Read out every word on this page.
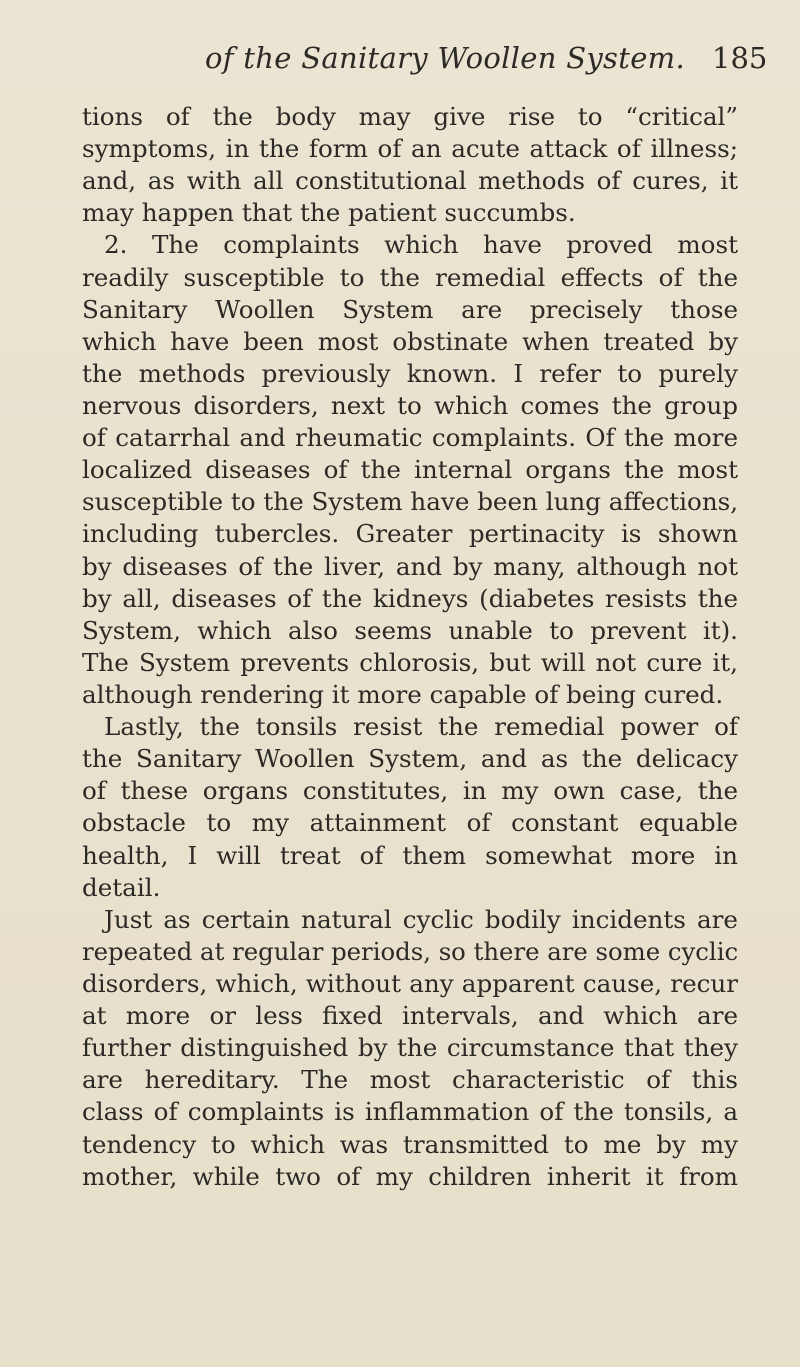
of the Sanitary Woollen System. 185
tions of the body may give rise to “critical”
symptoms, in the form of an acute attack of illness;
and, as with all constitutional methods of cures, it
may happen that the patient succumbs.
2. The complaints which have proved most
readily susceptible to the remedial effects of the
Sanitary Woollen System are precisely those
which have been most obstinate when treated by
the methods previously known. I refer to purely
nervous disorders, next to which comes the group
of catarrhal and rheumatic complaints. Of the more
localized diseases of the internal organs the most
susceptible to the System have been lung affections,
including tubercles. Greater pertinacity is shown
by diseases of the liver, and by many, although not
by all, diseases of the kidneys (diabetes resists the
System, which also seems unable to prevent it).
The System prevents chlorosis, but will not cure it,
although rendering it more capable of being cured.
Lastly, the tonsils resist the remedial power of
the Sanitary Woollen System, and as the delicacy
of these organs constitutes, in my own case, the
obstacle to my attainment of constant equable
health, I will treat of them somewhat more in
detail.
Just as certain natural cyclic bodily incidents are
repeated at regular periods, so there are some cyclic
disorders, which, without any apparent cause, recur
at more or less fixed intervals, and which are
further distinguished by the circumstance that they
are hereditary. The most characteristic of this
class of complaints is inflammation of the tonsils, a
tendency to which was transmitted to me by my
mother, while two of my children inherit it from
